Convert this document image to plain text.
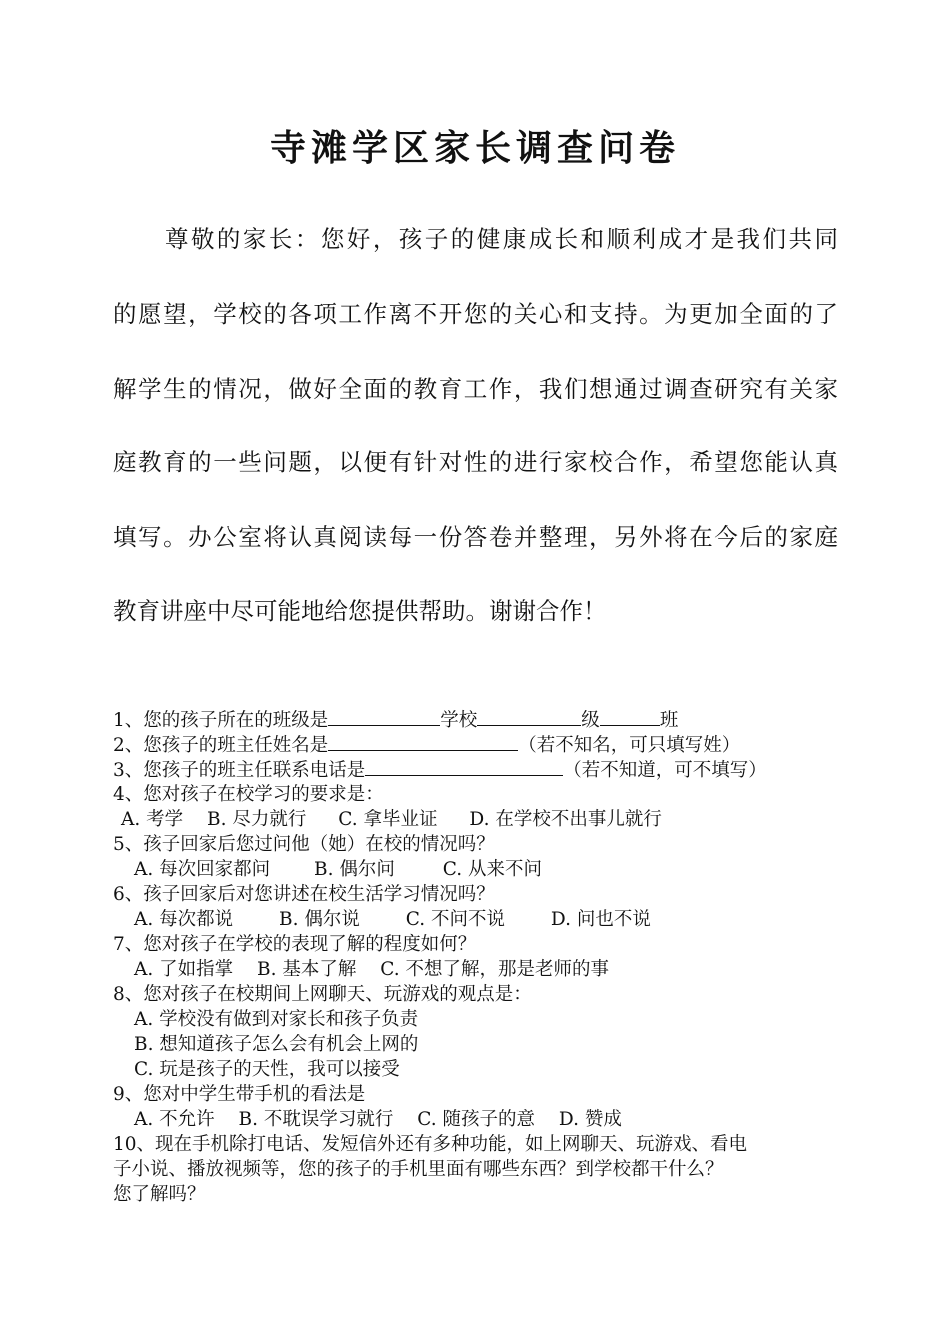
寺滩学区家长调查问卷
　　尊敬的家长：您好，孩子的健康成长和顺利成才是我们共同
的愿望，学校的各项工作离不开您的关心和支持。为更加全面的了
解学生的情况，做好全面的教育工作，我们想通过调查研究有关家
庭教育的一些问题，以便有针对性的进行家校合作，希望您能认真
填写。办公室将认真阅读每一份答卷并整理，另外将在今后的家庭
教育讲座中尽可能地给您提供帮助。谢谢合作！
1、您的孩子所在的班级是	学校	级	班
2、您孩子的班主任姓名是	（若不知名，可只填写姓）
3、您孩子的班主任联系电话是	（若不知道，可不填写）
4、您对孩子在校学习的要求是：
A. 考学 B. 尽力就行 C. 拿毕业证 D. 在学校不出事儿就行
5、孩子回家后您过问他（她）在校的情况吗？
A. 每次回家都问 B. 偶尔问	C. 从来不问
6、孩子回家后对您讲述在校生活学习情况吗？
A. 每次都说 B. 偶尔说 C. 不问不说 D. 问也不说
7、您对孩子在学校的表现了解的程度如何？
A. 了如指掌 B. 基本了解 C. 不想了解，那是老师的事
8、您对孩子在校期间上网聊天、玩游戏的观点是：
A. 学校没有做到对家长和孩子负责
B. 想知道孩子怎么会有机会上网的
C. 玩是孩子的天性，我可以接受
9、您对中学生带手机的看法是
A. 不允许 B. 不耽误学习就行 C. 随孩子的意 D. 赞成
10、现在手机除打电话、发短信外还有多种功能，如上网聊天、玩游戏、看电
子小说、播放视频等，您的孩子的手机里面有哪些东西？到学校都干什么？
您了解吗？
